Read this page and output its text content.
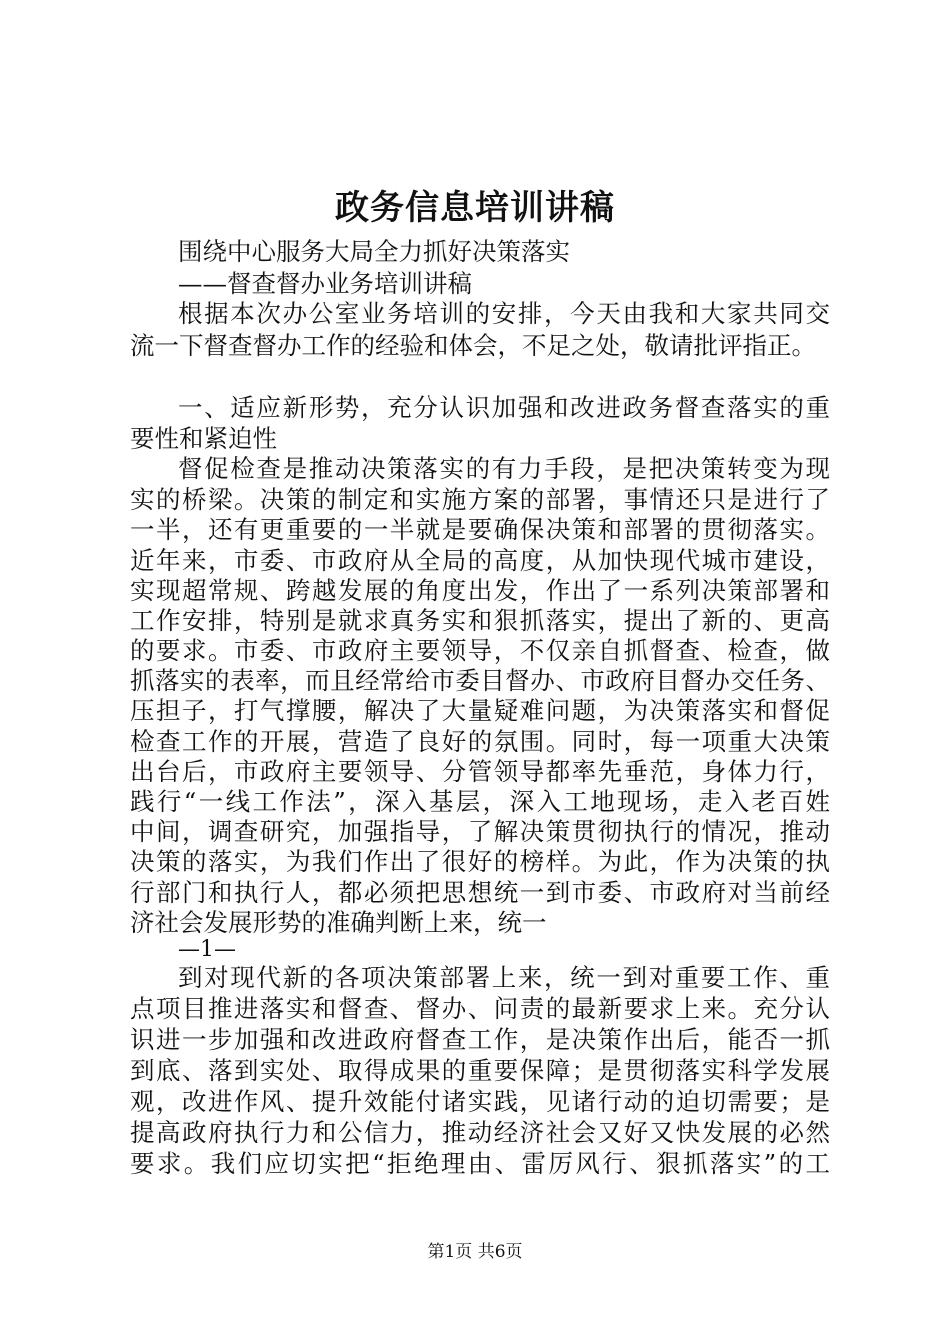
政务信息培训讲稿
围绕中心服务大局全力抓好决策落实
——督查督办业务培训讲稿
根据本次办公室业务培训的安排，今天由我和大家共同交
流一下督查督办工作的经验和体会，不足之处，敬请批评指正。
一、适应新形势，充分认识加强和改进政务督查落实的重
要性和紧迫性
督促检查是推动决策落实的有力手段，是把决策转变为现
实的桥梁。决策的制定和实施方案的部署，事情还只是进行了
一半，还有更重要的一半就是要确保决策和部署的贯彻落实。
近年来，市委、市政府从全局的高度，从加快现代城市建设，
实现超常规、跨越发展的角度出发，作出了一系列决策部署和
工作安排，特别是就求真务实和狠抓落实，提出了新的、更高
的要求。市委、市政府主要领导，不仅亲自抓督查、检查，做
抓落实的表率，而且经常给市委目督办、市政府目督办交任务、
压担子，打气撑腰，解决了大量疑难问题，为决策落实和督促
检查工作的开展，营造了良好的氛围。同时，每一项重大决策
出台后，市政府主要领导、分管领导都率先垂范，身体力行，
践行“一线工作法”，深入基层，深入工地现场，走入老百姓
中间，调查研究，加强指导，了解决策贯彻执行的情况，推动
决策的落实，为我们作出了很好的榜样。为此，作为决策的执
行部门和执行人，都必须把思想统一到市委、市政府对当前经
济社会发展形势的准确判断上来，统一
—1—
到对现代新的各项决策部署上来，统一到对重要工作、重
点项目推进落实和督查、督办、问责的最新要求上来。充分认
识进一步加强和改进政府督查工作，是决策作出后，能否一抓
到底、落到实处、取得成果的重要保障；是贯彻落实科学发展
观，改进作风、提升效能付诸实践，见诸行动的迫切需要；是
提高政府执行力和公信力，推动经济社会又好又快发展的必然
要求。我们应切实把“拒绝理由、雷厉风行、狠抓落实”的工
第1页 共6页
